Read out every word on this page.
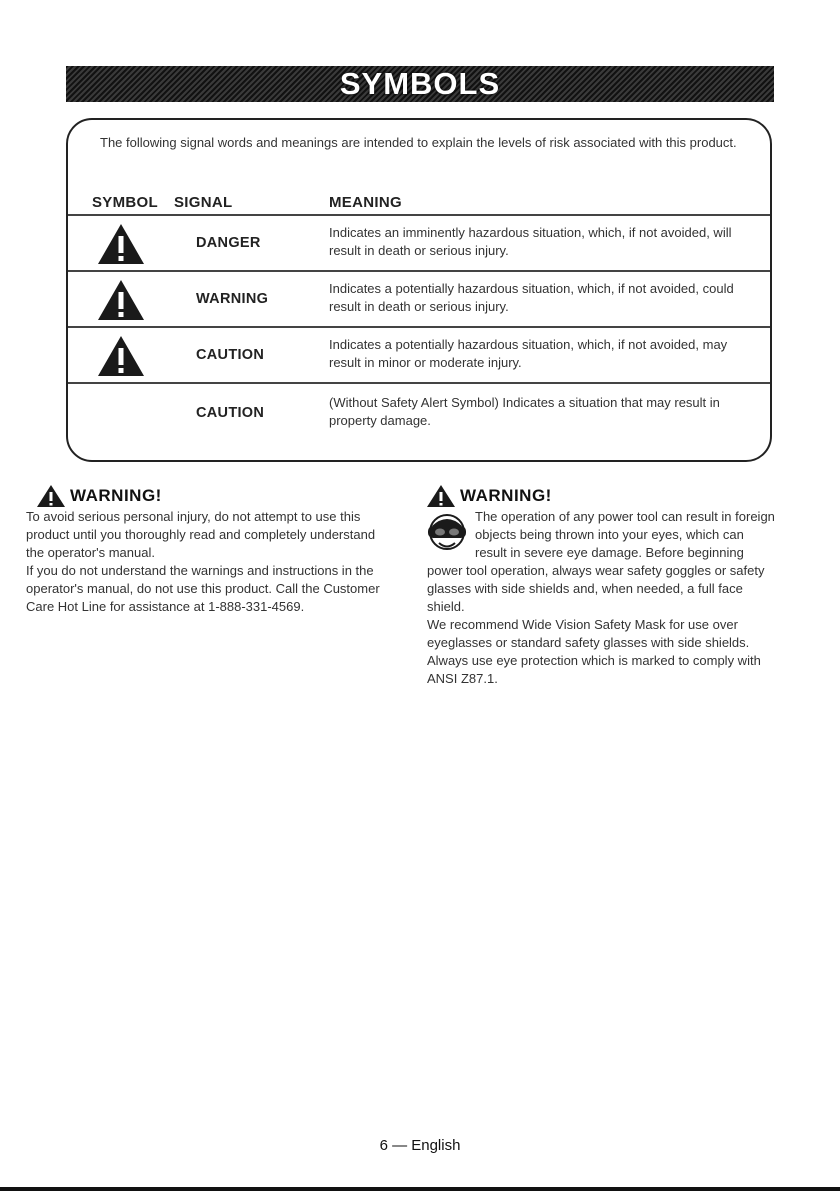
SYMBOLS
The following signal words and meanings are intended to explain the levels of risk associated with this product.
SYMBOL SIGNAL	MEANING
DANGER
Indicates an imminently hazardous situation, which, if not avoided, will result in death or serious injury.
WARNING
Indicates a potentially hazardous situation, which, if not avoided, could result in death or serious injury.
CAUTION
Indicates a potentially hazardous situation, which, if not avoided, may result in minor or moderate injury.
CAUTION
(Without Safety Alert Symbol) Indicates a situation that may result in property damage.
WARNING!

To avoid serious personal injury, do not attempt to use this product until you thoroughly read and completely understand the operator's manual.

If you do not understand the warnings and instructions in the operator's manual, do not use this product. Call the Customer Care Hot Line for assistance at 1-888-331-4569.

WARNING!

The operation of any power tool can result in foreign objects being thrown into your eyes, which can result in severe eye damage. Before beginning power tool operation, always wear safety goggles or safety glasses with side shields and, when needed, a full face shield.

We recommend Wide Vision Safety Mask for use over eyeglasses or standard safety glasses with side shields. Always use eye protection which is marked to comply with ANSI Z87.1.

6 — English
